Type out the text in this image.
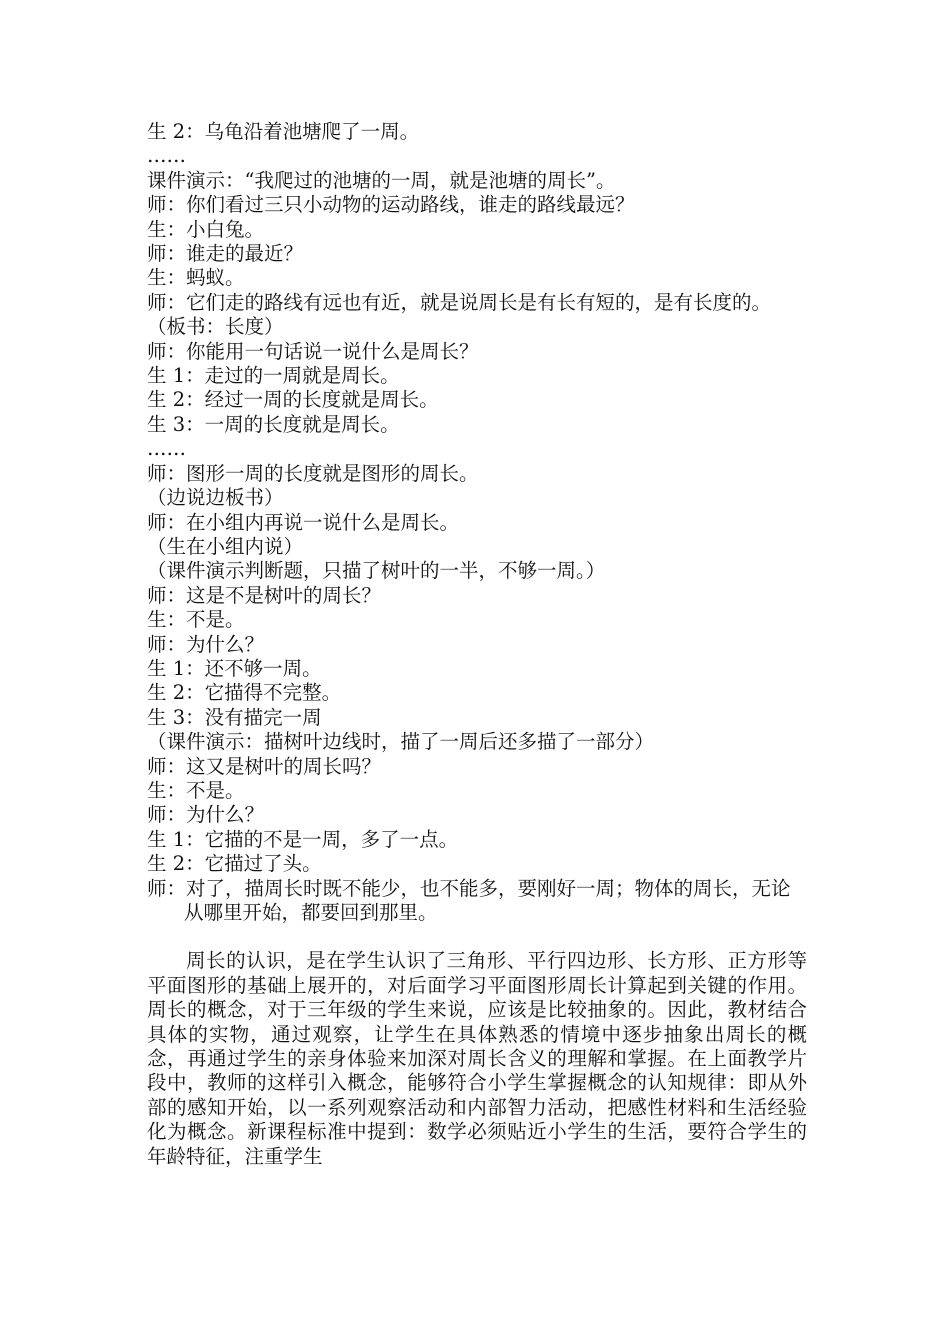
生 2：乌龟沿着池塘爬了一周。

……

课件演示：“我爬过的池塘的一周，就是池塘的周长”。

师：你们看过三只小动物的运动路线，谁走的路线最远？

生：小白兔。

师：谁走的最近？

生：蚂蚁。

师：它们走的路线有远也有近，就是说周长是有长有短的，是有长度的。

（板书：长度）

师：你能用一句话说一说什么是周长？

生 1：走过的一周就是周长。

生 2：经过一周的长度就是周长。

生 3：一周的长度就是周长。

……

师：图形一周的长度就是图形的周长。

（边说边板书）

师：在小组内再说一说什么是周长。

（生在小组内说）

（课件演示判断题，只描了树叶的一半，不够一周。）

师：这是不是树叶的周长？

生：不是。

师：为什么？

生 1：还不够一周。

生 2：它描得不完整。

生 3：没有描完一周

（课件演示：描树叶边线时，描了一周后还多描了一部分）

师：这又是树叶的周长吗？

生：不是。

师：为什么？

生 1：它描的不是一周，多了一点。

生 2：它描过了头。

师：对了，描周长时既不能少，也不能多，要刚好一周；物体的周长，无论从哪里开始，都要回到那里。

周长的认识，是在学生认识了三角形、平行四边形、长方形、正方形等平面图形的基础上展开的，对后面学习平面图形周长计算起到关键的作用。周长的概念，对于三年级的学生来说，应该是比较抽象的。因此，教材结合具体的实物，通过观察，让学生在具体熟悉的情境中逐步抽象出周长的概念，再通过学生的亲身体验来加深对周长含义的理解和掌握。在上面教学片段中，教师的这样引入概念，能够符合小学生掌握概念的认知规律：即从外部的感知开始，以一系列观察活动和内部智力活动，把感性材料和生活经验化为概念。新课程标准中提到：数学必须贴近小学生的生活，要符合学生的年龄特征，注重学生
